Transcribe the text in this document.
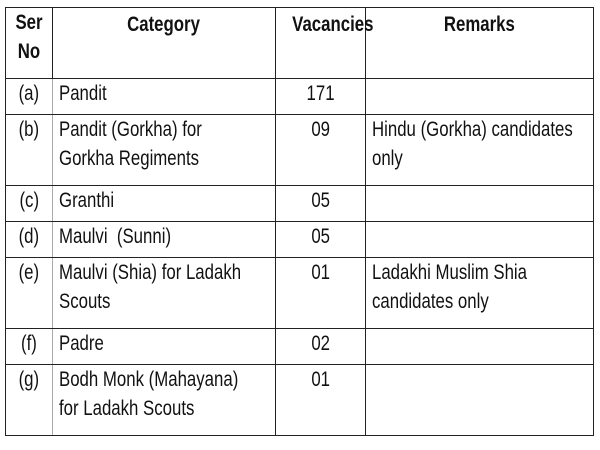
Ser No	Category	Vacancies	Remarks
(a)	Pandit	171	
(b)	Pandit (Gorkha) for Gorkha Regiments	09	Hindu (Gorkha) candidates only
(c)	Granthi	05	
(d)	Maulvi  (Sunni)	05	
(e)	Maulvi (Shia) for Ladakh Scouts	01	Ladakhi Muslim Shia candidates only
(f)	Padre	02	
(g)	Bodh Monk (Mahayana) for Ladakh Scouts	01	
